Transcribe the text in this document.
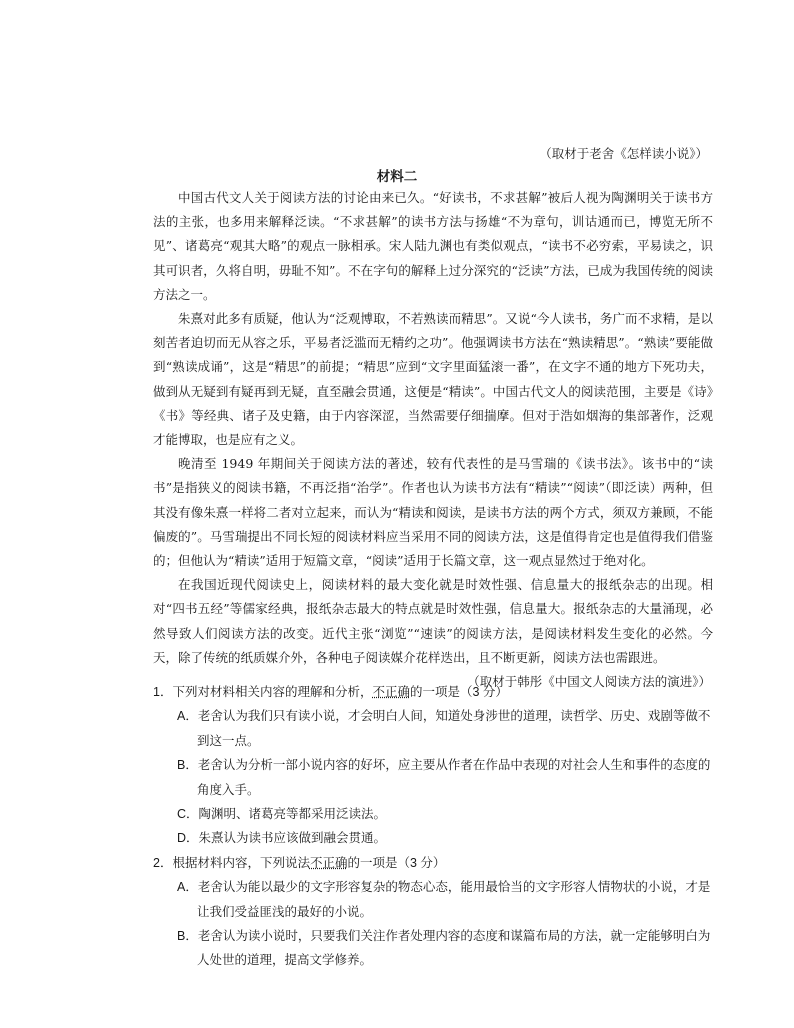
（取材于老舍《怎样读小说》）
材料二

中国古代文人关于阅读方法的讨论由来已久。“好读书，不求甚解”被后人视为陶渊明关于读书方法的主张，也多用来解释泛读。“不求甚解”的读书方法与扬雄“不为章句，训诂通而已，博览无所不见”、诸葛亮“观其大略”的观点一脉相承。宋人陆九渊也有类似观点，“读书不必穷索，平易读之，识其可识者，久将自明，毋耻不知”。不在字句的解释上过分深究的“泛读”方法，已成为我国传统的阅读方法之一。

朱熹对此多有质疑，他认为“泛观博取，不若熟读而精思”。又说“今人读书，务广而不求精，是以刻苦者迫切而无从容之乐，平易者泛滥而无精约之功”。他强调读书方法在“熟读精思”。“熟读”要能做到“熟读成诵”，这是“精思”的前提；“精思”应到“文字里面猛滚一番”，在文字不通的地方下死功夫，做到从无疑到有疑再到无疑，直至融会贯通，这便是“精读”。中国古代文人的阅读范围，主要是《诗》《书》等经典、诸子及史籍，由于内容深涩，当然需要仔细揣摩。但对于浩如烟海的集部著作，泛观才能博取，也是应有之义。

晚清至 1949 年期间关于阅读方法的著述，较有代表性的是马雪瑞的《读书法》。该书中的“读书”是指狭义的阅读书籍，不再泛指“治学”。作者也认为读书方法有“精读”“阅读”（即泛读）两种，但其没有像朱熹一样将二者对立起来，而认为“精读和阅读，是读书方法的两个方式，须双方兼顾，不能偏废的”。马雪瑞提出不同长短的阅读材料应当采用不同的阅读方法，这是值得肯定也是值得我们借鉴的；但他认为“精读”适用于短篇文章，“阅读”适用于长篇文章，这一观点显然过于绝对化。

在我国近现代阅读史上，阅读材料的最大变化就是时效性强、信息量大的报纸杂志的出现。相对“四书五经”等儒家经典，报纸杂志最大的特点就是时效性强，信息量大。报纸杂志的大量涌现，必然导致人们阅读方法的改变。近代主张“浏览”“速读”的阅读方法，是阅读材料发生变化的必然。今天，除了传统的纸质媒介外，各种电子阅读媒介花样迭出，且不断更新，阅读方法也需跟进。

（取材于韩彤《中国文人阅读方法的演进》）
1．下列对材料相关内容的理解和分析，不正确的一项是（3 分）
A．老舍认为我们只有读小说，才会明白人间，知道处身涉世的道理，读哲学、历史、戏剧等做不到这一点。
B．老舍认为分析一部小说内容的好坏，应主要从作者在作品中表现的对社会人生和事件的态度的角度入手。
C．陶渊明、诸葛亮等都采用泛读法。
D．朱熹认为读书应该做到融会贯通。
2．根据材料内容，下列说法不正确的一项是（3 分）
A．老舍认为能以最少的文字形容复杂的物态心态，能用最恰当的文字形容人情物状的小说，才是让我们受益匪浅的最好的小说。
B．老舍认为读小说时，只要我们关注作者处理内容的态度和谋篇布局的方法，就一定能够明白为人处世的道理，提高文学修养。
